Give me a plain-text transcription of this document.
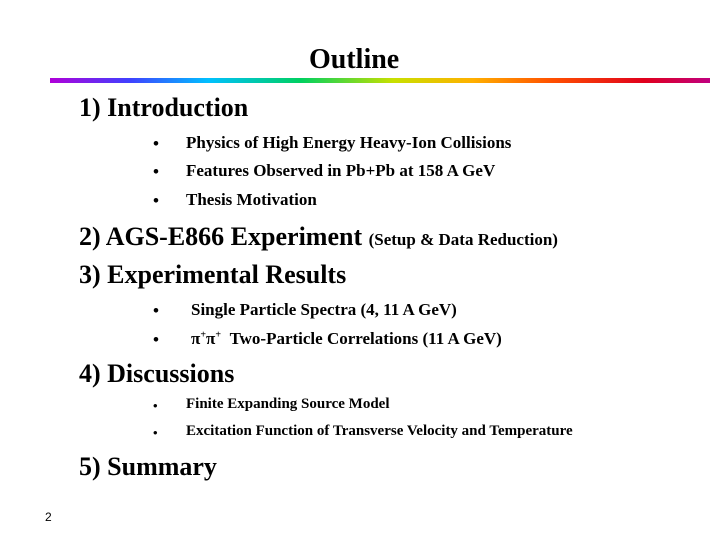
Outline
1) Introduction
• Physics of High Energy Heavy-Ion Collisions
• Features Observed in Pb+Pb at 158 A GeV
• Thesis Motivation
2) AGS-E866 Experiment (Setup & Data Reduction)
3) Experimental Results
• Single Particle Spectra (4, 11 A GeV)
• π+π+ Two-Particle Correlations (11 A GeV)
4) Discussions
• Finite Expanding Source Model
• Excitation Function of Transverse Velocity and Temperature
5) Summary
2
